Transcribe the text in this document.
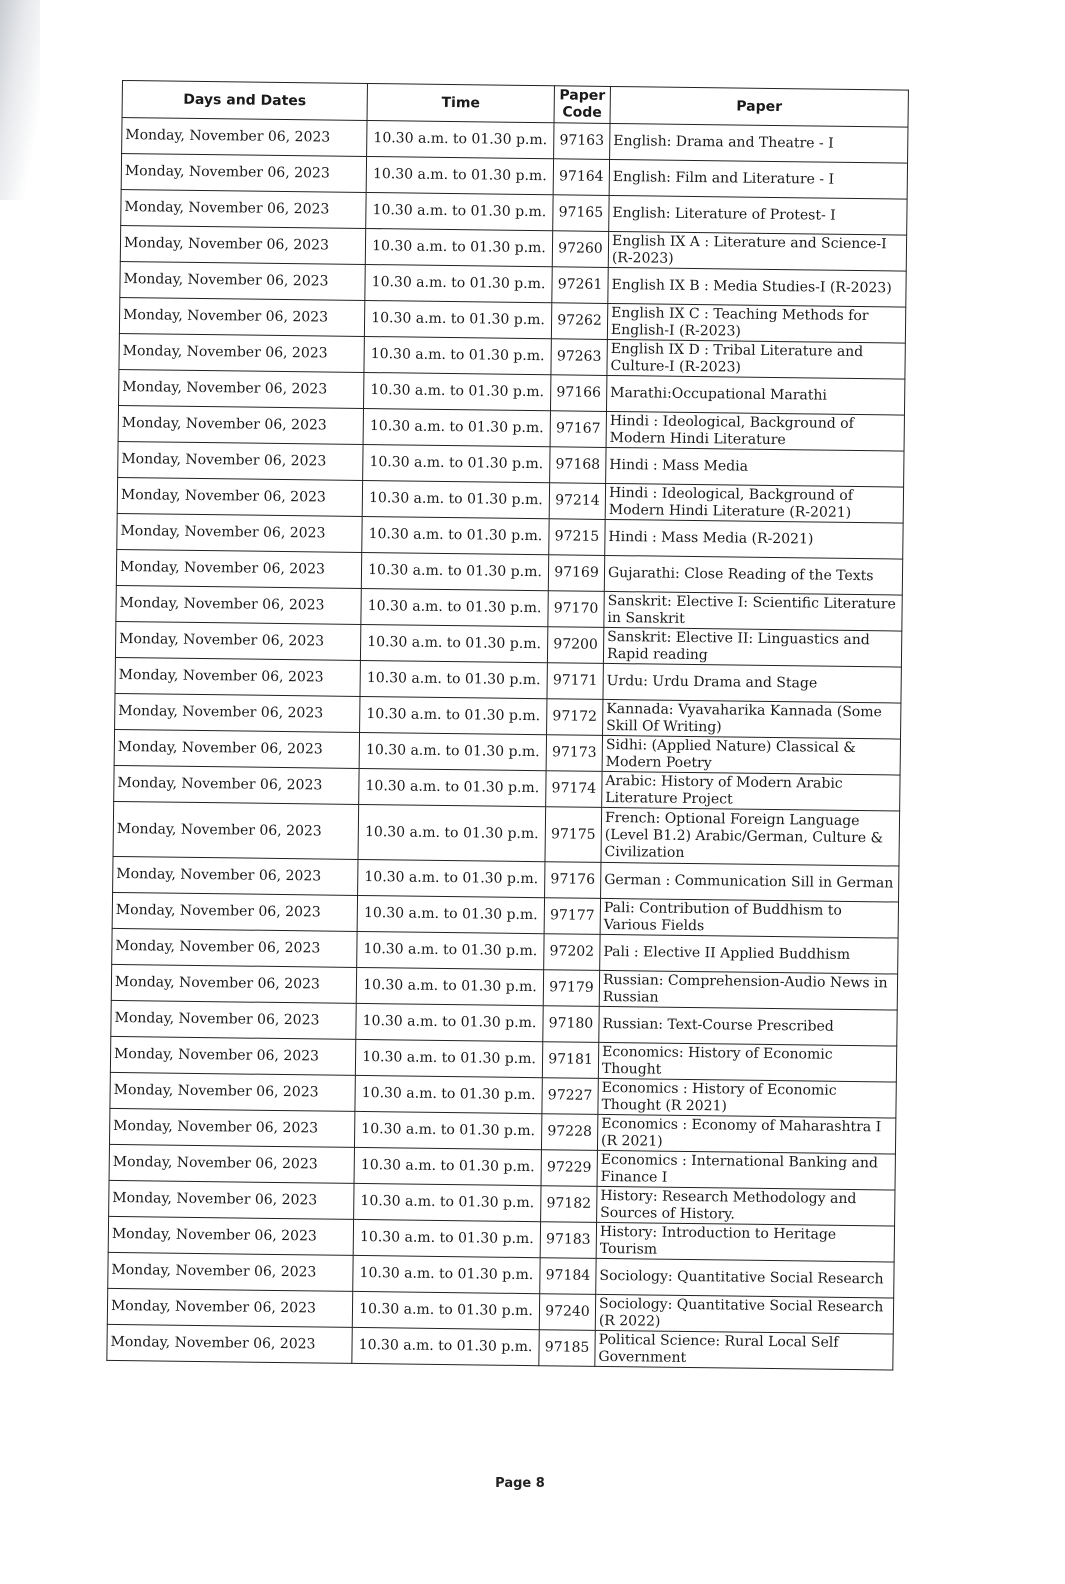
Days and Dates	Time	Paper Code	Paper
Monday, November 06, 2023	10.30 a.m. to 01.30 p.m.	97163	English: Drama and Theatre - I
Monday, November 06, 2023	10.30 a.m. to 01.30 p.m.	97164	English: Film and Literature - I
Monday, November 06, 2023	10.30 a.m. to 01.30 p.m.	97165	English: Literature of Protest- I
Monday, November 06, 2023	10.30 a.m. to 01.30 p.m.	97260	English IX A : Literature and Science-I (R-2023)
Monday, November 06, 2023	10.30 a.m. to 01.30 p.m.	97261	English IX B : Media Studies-I (R-2023)
Monday, November 06, 2023	10.30 a.m. to 01.30 p.m.	97262	English IX C : Teaching Methods for English-I (R-2023)
Monday, November 06, 2023	10.30 a.m. to 01.30 p.m.	97263	English IX D : Tribal Literature and Culture-I (R-2023)
Monday, November 06, 2023	10.30 a.m. to 01.30 p.m.	97166	Marathi:Occupational Marathi
Monday, November 06, 2023	10.30 a.m. to 01.30 p.m.	97167	Hindi : Ideological, Background of Modern Hindi Literature
Monday, November 06, 2023	10.30 a.m. to 01.30 p.m.	97168	Hindi : Mass Media
Monday, November 06, 2023	10.30 a.m. to 01.30 p.m.	97214	Hindi : Ideological, Background of Modern Hindi Literature (R-2021)
Monday, November 06, 2023	10.30 a.m. to 01.30 p.m.	97215	Hindi : Mass Media (R-2021)
Monday, November 06, 2023	10.30 a.m. to 01.30 p.m.	97169	Gujarathi: Close Reading of the Texts
Monday, November 06, 2023	10.30 a.m. to 01.30 p.m.	97170	Sanskrit: Elective I: Scientific Literature in Sanskrit
Monday, November 06, 2023	10.30 a.m. to 01.30 p.m.	97200	Sanskrit: Elective II: Linguastics and Rapid reading
Monday, November 06, 2023	10.30 a.m. to 01.30 p.m.	97171	Urdu: Urdu Drama and Stage
Monday, November 06, 2023	10.30 a.m. to 01.30 p.m.	97172	Kannada: Vyavaharika Kannada (Some Skill Of Writing)
Monday, November 06, 2023	10.30 a.m. to 01.30 p.m.	97173	Sidhi: (Applied Nature) Classical & Modern Poetry
Monday, November 06, 2023	10.30 a.m. to 01.30 p.m.	97174	Arabic: History of Modern Arabic Literature Project
Monday, November 06, 2023	10.30 a.m. to 01.30 p.m.	97175	French: Optional Foreign Language (Level B1.2) Arabic/German, Culture & Civilization
Monday, November 06, 2023	10.30 a.m. to 01.30 p.m.	97176	German : Communication Sill in German
Monday, November 06, 2023	10.30 a.m. to 01.30 p.m.	97177	Pali: Contribution of Buddhism to Various Fields
Monday, November 06, 2023	10.30 a.m. to 01.30 p.m.	97202	Pali : Elective II Applied Buddhism
Monday, November 06, 2023	10.30 a.m. to 01.30 p.m.	97179	Russian: Comprehension-Audio News in Russian
Monday, November 06, 2023	10.30 a.m. to 01.30 p.m.	97180	Russian: Text-Course Prescribed
Monday, November 06, 2023	10.30 a.m. to 01.30 p.m.	97181	Economics: History of Economic Thought
Monday, November 06, 2023	10.30 a.m. to 01.30 p.m.	97227	Economics : History of Economic Thought (R 2021)
Monday, November 06, 2023	10.30 a.m. to 01.30 p.m.	97228	Economics : Economy of Maharashtra I (R 2021)
Monday, November 06, 2023	10.30 a.m. to 01.30 p.m.	97229	Economics : International Banking and Finance I
Monday, November 06, 2023	10.30 a.m. to 01.30 p.m.	97182	History: Research Methodology and Sources of History.
Monday, November 06, 2023	10.30 a.m. to 01.30 p.m.	97183	History: Introduction to Heritage Tourism
Monday, November 06, 2023	10.30 a.m. to 01.30 p.m.	97184	Sociology: Quantitative Social Research
Monday, November 06, 2023	10.30 a.m. to 01.30 p.m.	97240	Sociology: Quantitative Social Research (R 2022)
Monday, November 06, 2023	10.30 a.m. to 01.30 p.m.	97185	Political Science: Rural Local Self Government
Page 8
